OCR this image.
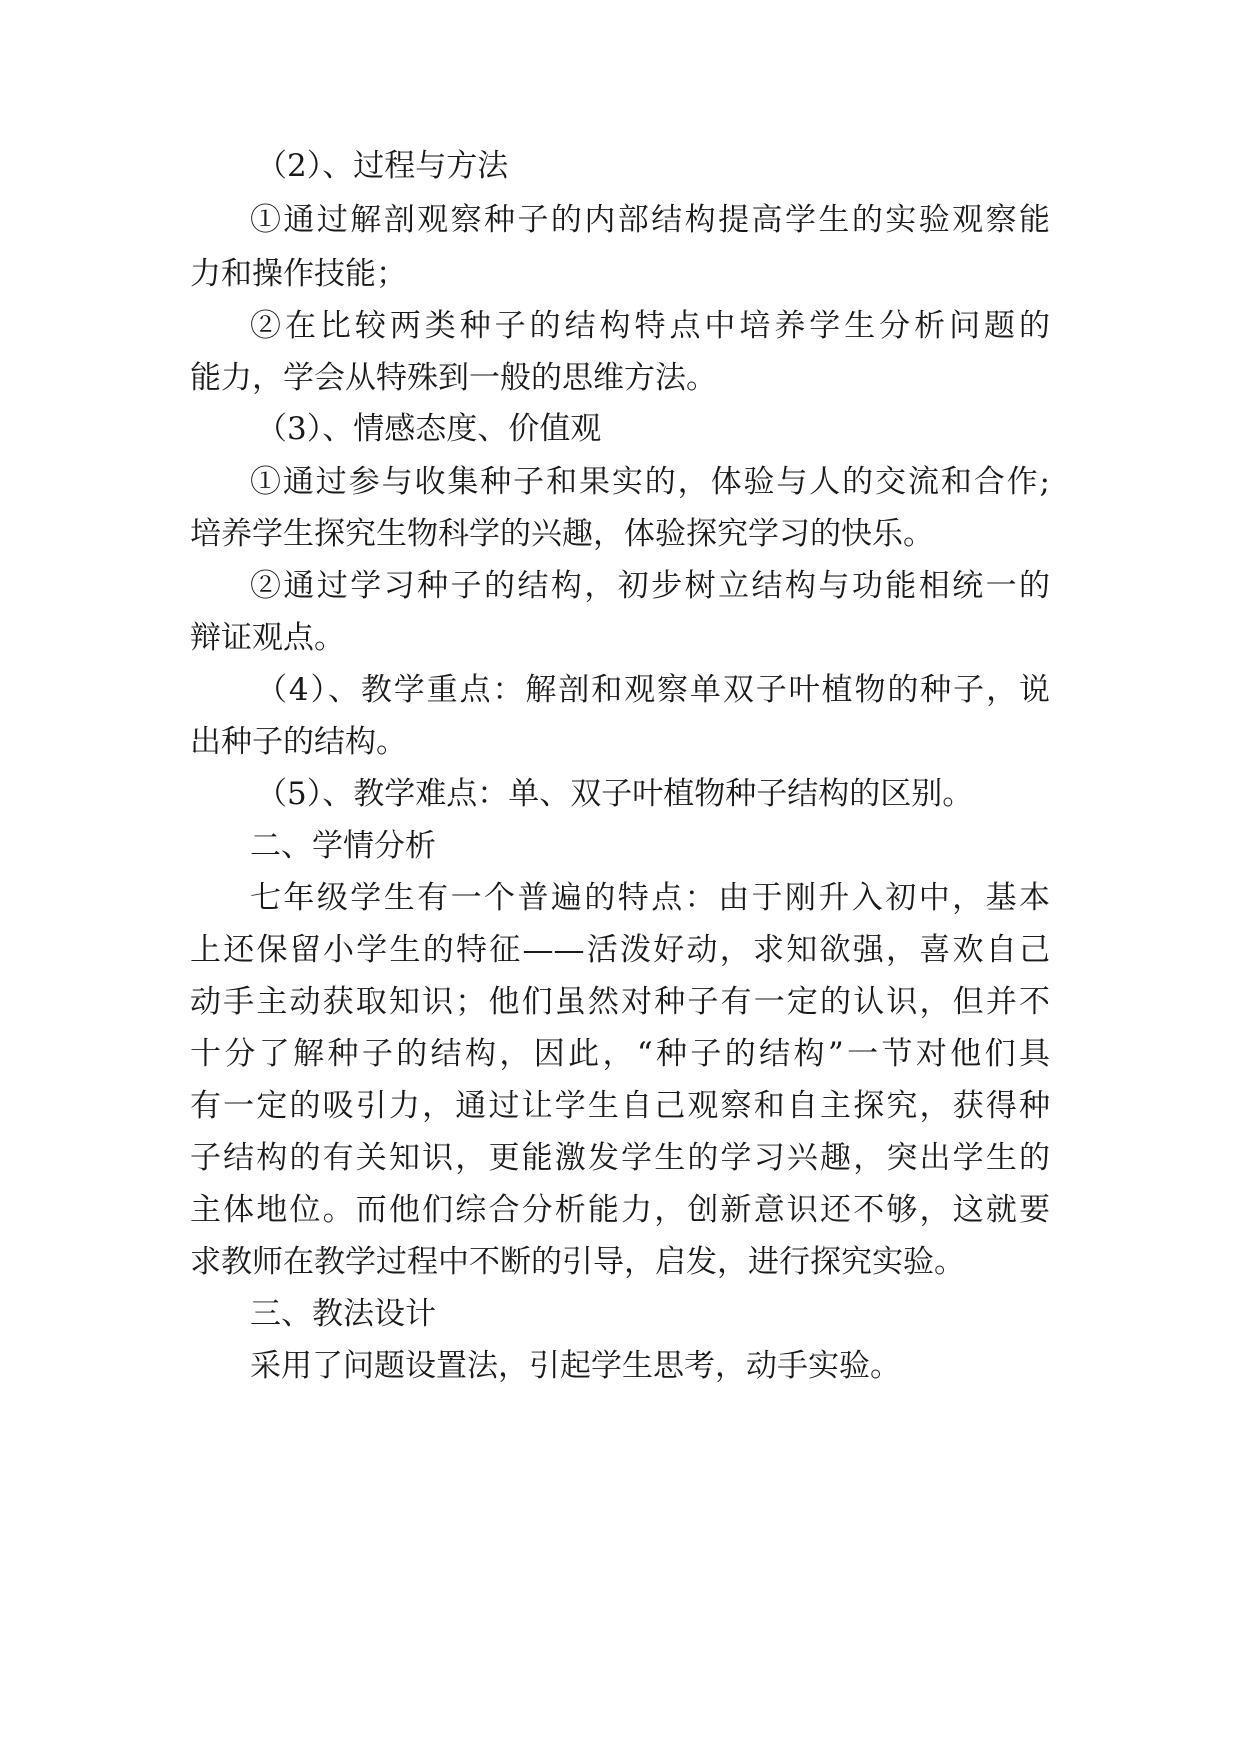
（2）、过程与方法
①通过解剖观察种子的内部结构提高学生的实验观察能
力和操作技能；
②在比较两类种子的结构特点中培养学生分析问题的
能力，学会从特殊到一般的思维方法。
（3）、情感态度、价值观
①通过参与收集种子和果实的，体验与人的交流和合作;
培养学生探究生物科学的兴趣，体验探究学习的快乐。
②通过学习种子的结构，初步树立结构与功能相统一的
辩证观点。
（4）、教学重点：解剖和观察单双子叶植物的种子，说
出种子的结构。
（5）、教学难点：单、双子叶植物种子结构的区别。
二、学情分析
七年级学生有一个普遍的特点：由于刚升入初中，基本
上还保留小学生的特征——活泼好动，求知欲强，喜欢自己
动手主动获取知识；他们虽然对种子有一定的认识，但并不
十分了解种子的结构，因此，“种子的结构”一节对他们具
有一定的吸引力，通过让学生自己观察和自主探究，获得种
子结构的有关知识，更能激发学生的学习兴趣，突出学生的
主体地位。而他们综合分析能力，创新意识还不够，这就要
求教师在教学过程中不断的引导，启发，进行探究实验。
三、教法设计
采用了问题设置法，引起学生思考，动手实验。
